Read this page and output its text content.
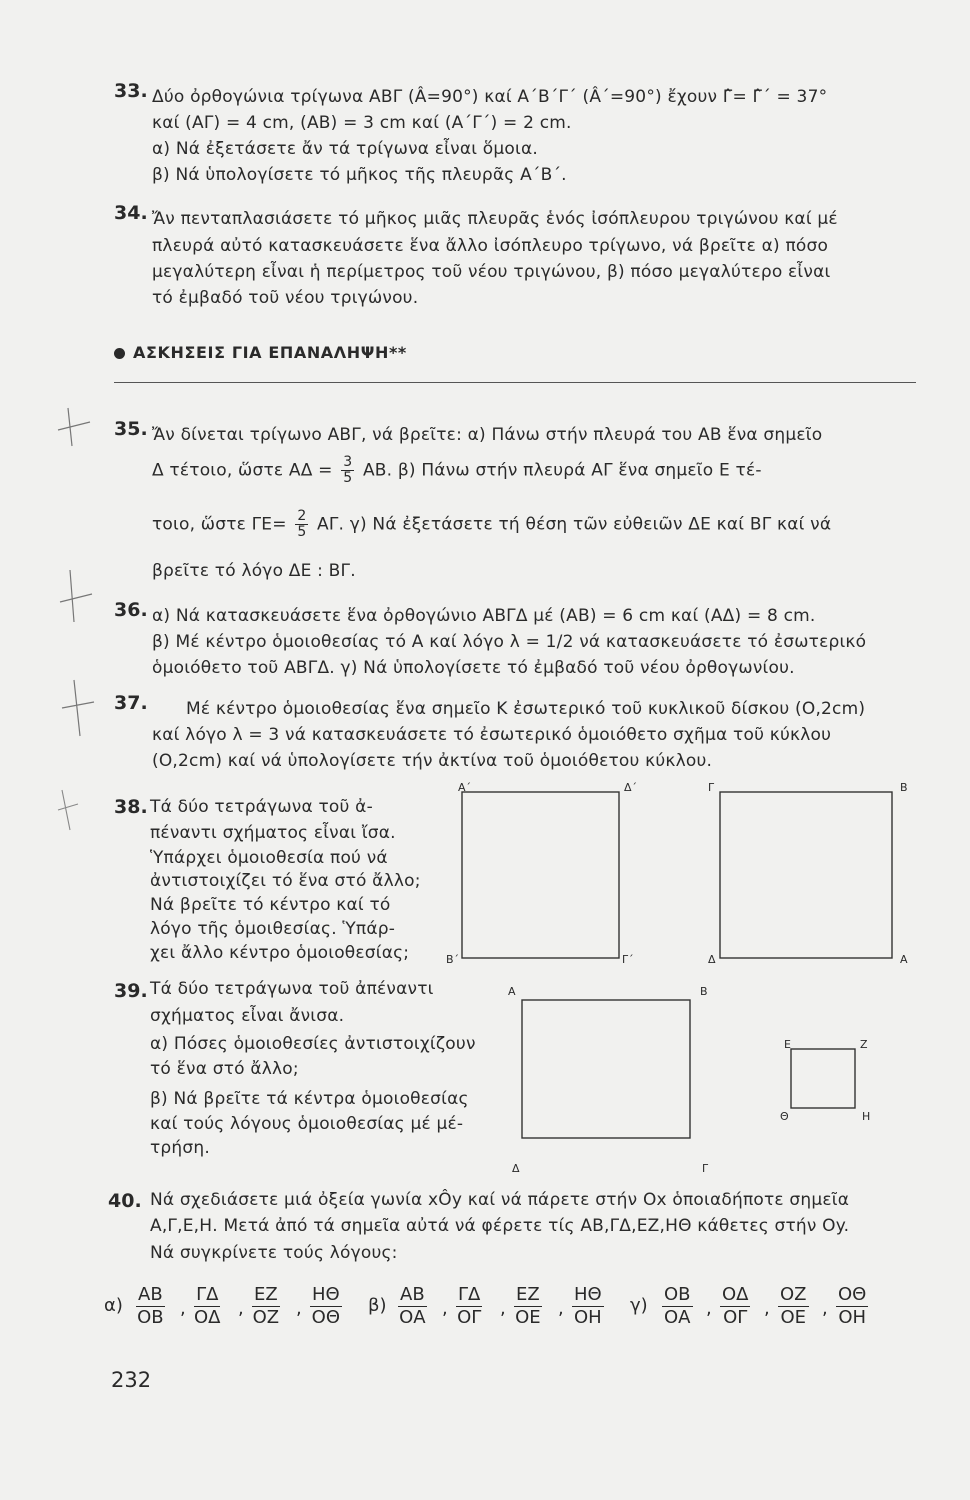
33. Δύο ὀρθογώνια τρίγωνα ΑΒΓ (Â=90°) καί Α΄Β΄Γ΄ (Â΄=90°) ἔχουν Γ̂= Γ̂΄ = 37°
καί (ΑΓ) = 4 cm, (ΑΒ) = 3 cm καί (Α΄Γ΄) = 2 cm.
α) Νά ἐξετάσετε ἄν τά τρίγωνα εἶναι ὅμοια.
β) Νά ὑπολογίσετε τό μῆκος τῆς πλευρᾶς Α΄Β΄.
34. Ἄν πενταπλασιάσετε τό μῆκος μιᾶς πλευρᾶς ἑνός ἰσόπλευρου τριγώνου καί μέ
πλευρά αὐτό κατασκευάσετε ἕνα ἄλλο ἰσόπλευρο τρίγωνο, νά βρεῖτε α) πόσο
μεγαλύτερη εἶναι ἡ περίμετρος τοῦ νέου τριγώνου, β) πόσο μεγαλύτερο εἶναι
τό ἐμβαδό τοῦ νέου τριγώνου.
ΑΣΚΗΣΕΙΣ ΓΙΑ ΕΠΑΝΑΛΗΨΗ**
35. Ἄν δίνεται τρίγωνο ΑΒΓ, νά βρεῖτε: α) Πάνω στήν πλευρά του ΑΒ ἕνα σημεῖο
Δ τέτοιο, ὥστε $A\Delta = \frac{3}{5} AB$. β) Πάνω στήν πλευρά ΑΓ ἕνα σημεῖο Ε τέ-
τοιο, ὥστε $\Gamma E= \frac{2}{5} A\Gamma$. γ) Νά ἐξετάσετε τή θέση τῶν εὐθειῶν ΔΕ καί ΒΓ καί νά
βρεῖτε τό λόγο ΔΕ : ΒΓ.
36. α) Νά κατασκευάσετε ἕνα ὀρθογώνιο ΑΒΓΔ μέ (ΑΒ) = 6 cm καί (ΑΔ) = 8 cm.
β) Μέ κέντρο ὁμοιοθεσίας τό Α καί λόγο λ = 1/2 νά κατασκευάσετε τό ἐσωτερικό
ὁμοιόθετο τοῦ ΑΒΓΔ. γ) Νά ὑπολογίσετε τό ἐμβαδό τοῦ νέου ὀρθογωνίου.
37. Μέ κέντρο ὁμοιοθεσίας ἕνα σημεῖο Κ ἐσωτερικό τοῦ κυκλικοῦ δίσκου (Ο,2cm)
καί λόγο λ = 3 νά κατασκευάσετε τό ἐσωτερικό ὁμοιόθετο σχῆμα τοῦ κύκλου
(Ο,2cm) καί νά ὑπολογίσετε τήν ἀκτίνα τοῦ ὁμοιόθετου κύκλου.
38. Τά δύο τετράγωνα τοῦ ἀ-
πέναντι σχήματος εἶναι ἴσα.
Ὑπάρχει ὁμοιοθεσία πού νά
ἀντιστοιχίζει τό ἕνα στό ἄλλο;
Νά βρεῖτε τό κέντρο καί τό
λόγο τῆς ὁμοιθεσίας. Ὑπάρ-
χει ἄλλο κέντρο ὁμοιοθεσίας;
Α΄	Δ΄
Β΄	Γ΄
Γ	Β
Δ	Α
39. Τά δύο τετράγωνα τοῦ ἀπέναντι
σχήματος εἶναι ἄνισα.
α) Πόσες ὁμοιοθεσίες ἀντιστοιχίζουν
τό ἕνα στό ἄλλο;
β) Νά βρεῖτε τά κέντρα ὁμοιοθεσίας
καί τούς λόγους ὁμοιοθεσίας μέ μέ-
τρήση.
Α	Β
Δ	Γ
Ε	Ζ
Θ	Η
40. Νά σχεδιάσετε μιά ὀξεία γωνία xÔy καί νά πάρετε στήν Οx ὁποιαδήποτε σημεῖα
Α,Γ,Ε,Η. Μετά ἀπό τά σημεῖα αὐτά νά φέρετε τίς ΑΒ,ΓΔ,ΕΖ,ΗΘ κάθετες στήν Οy.
Νά συγκρίνετε τούς λόγους:
α)	β)	γ)
$\frac{AB}{OB}$ , $\frac{\Gamma\Delta}{O\Delta}$ , $\frac{EZ}{OZ}$ , $\frac{H\Theta}{O\Theta}$	$\frac{AB}{OA}$ , $\frac{\Gamma\Delta}{O\Gamma}$ , $\frac{EZ}{OE}$ , $\frac{H\Theta}{OH}$	$\frac{OB}{OA}$ , $\frac{O\Delta}{O\Gamma}$ , $\frac{OZ}{OE}$ , $\frac{O\Theta}{OH}$
232
